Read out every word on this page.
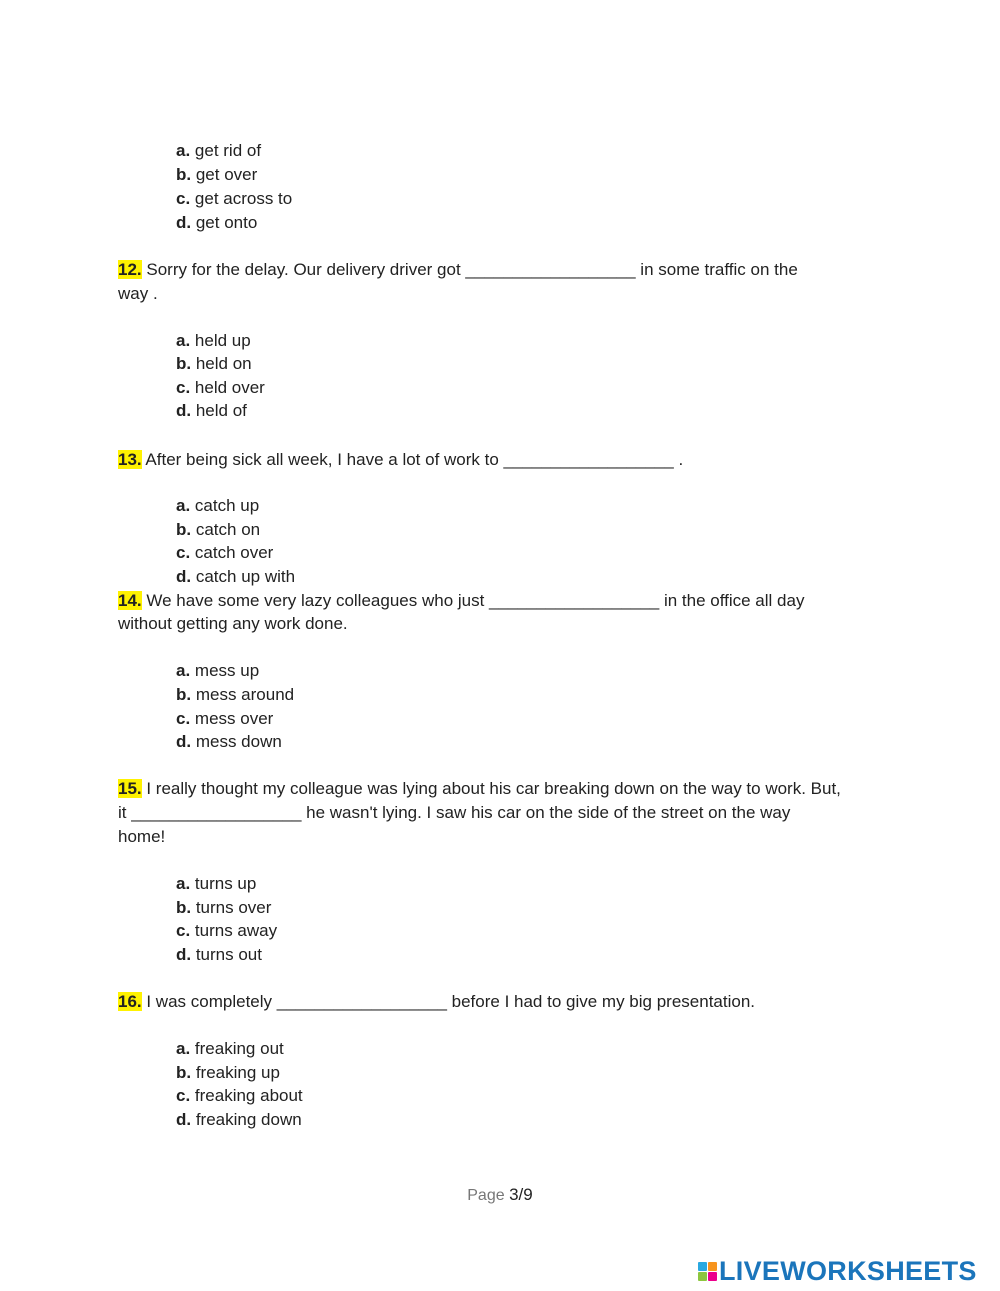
a. get rid of
b. get over
c. get across to
d. get onto
12. Sorry for the delay. Our delivery driver got __________________ in some traffic on the
way .
a. held up
b. held on
c. held over
d. held of
13. After being sick all week, I have a lot of work to __________________ .
a. catch up
b. catch on
c. catch over
d. catch up with
14. We have some very lazy colleagues who just __________________ in the office all day
without getting any work done.
a. mess up
b. mess around
c. mess over
d. mess down
15. I really thought my colleague was lying about his car breaking down on the way to work. But,
it __________________ he wasn't lying. I saw his car on the side of the street on the way
home!
a. turns up
b. turns over
c. turns away
d. turns out
16. I was completely __________________ before I had to give my big presentation.
a. freaking out
b. freaking up
c. freaking about
d. freaking down
Page 3/9
LIVEWORKSHEETS
